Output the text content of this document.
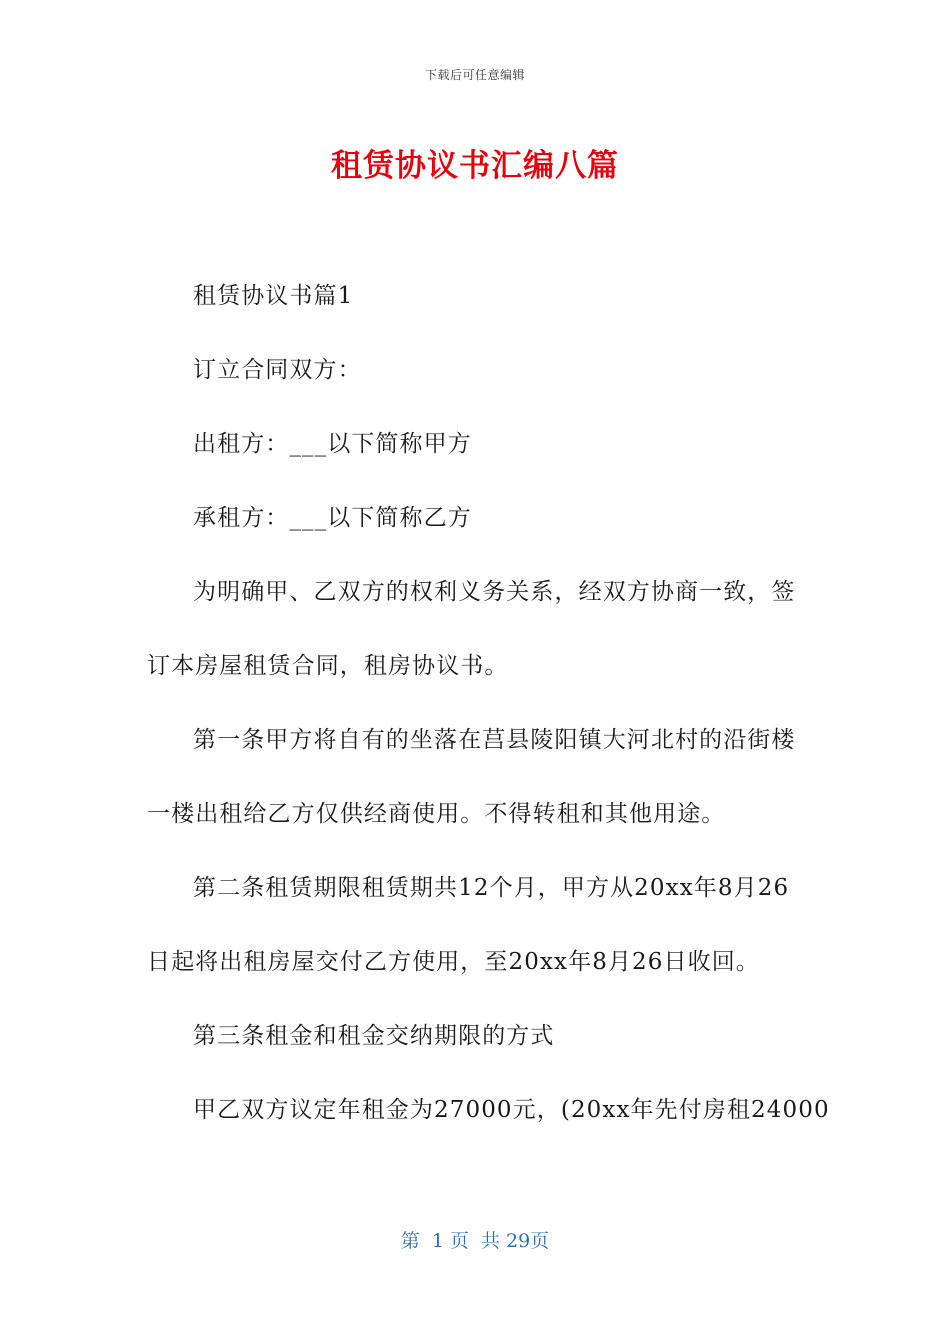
下载后可任意编辑
租赁协议书汇编八篇
租赁协议书篇1
订立合同双方：
出租方：___以下简称甲方
承租方：___以下简称乙方
为明确甲、乙双方的权利义务关系，经双方协商一致，签
订本房屋租赁合同，租房协议书。
第一条甲方将自有的坐落在莒县陵阳镇大河北村的沿街楼
一楼出租给乙方仅供经商使用。不得转租和其他用途。
第二条租赁期限租赁期共12个月，甲方从20xx年8月26
日起将出租房屋交付乙方使用，至20xx年8月26日收回。
第三条租金和租金交纳期限的方式
甲乙双方议定年租金为27000元，(20xx年先付房租24000
第  1 页  共 29页
